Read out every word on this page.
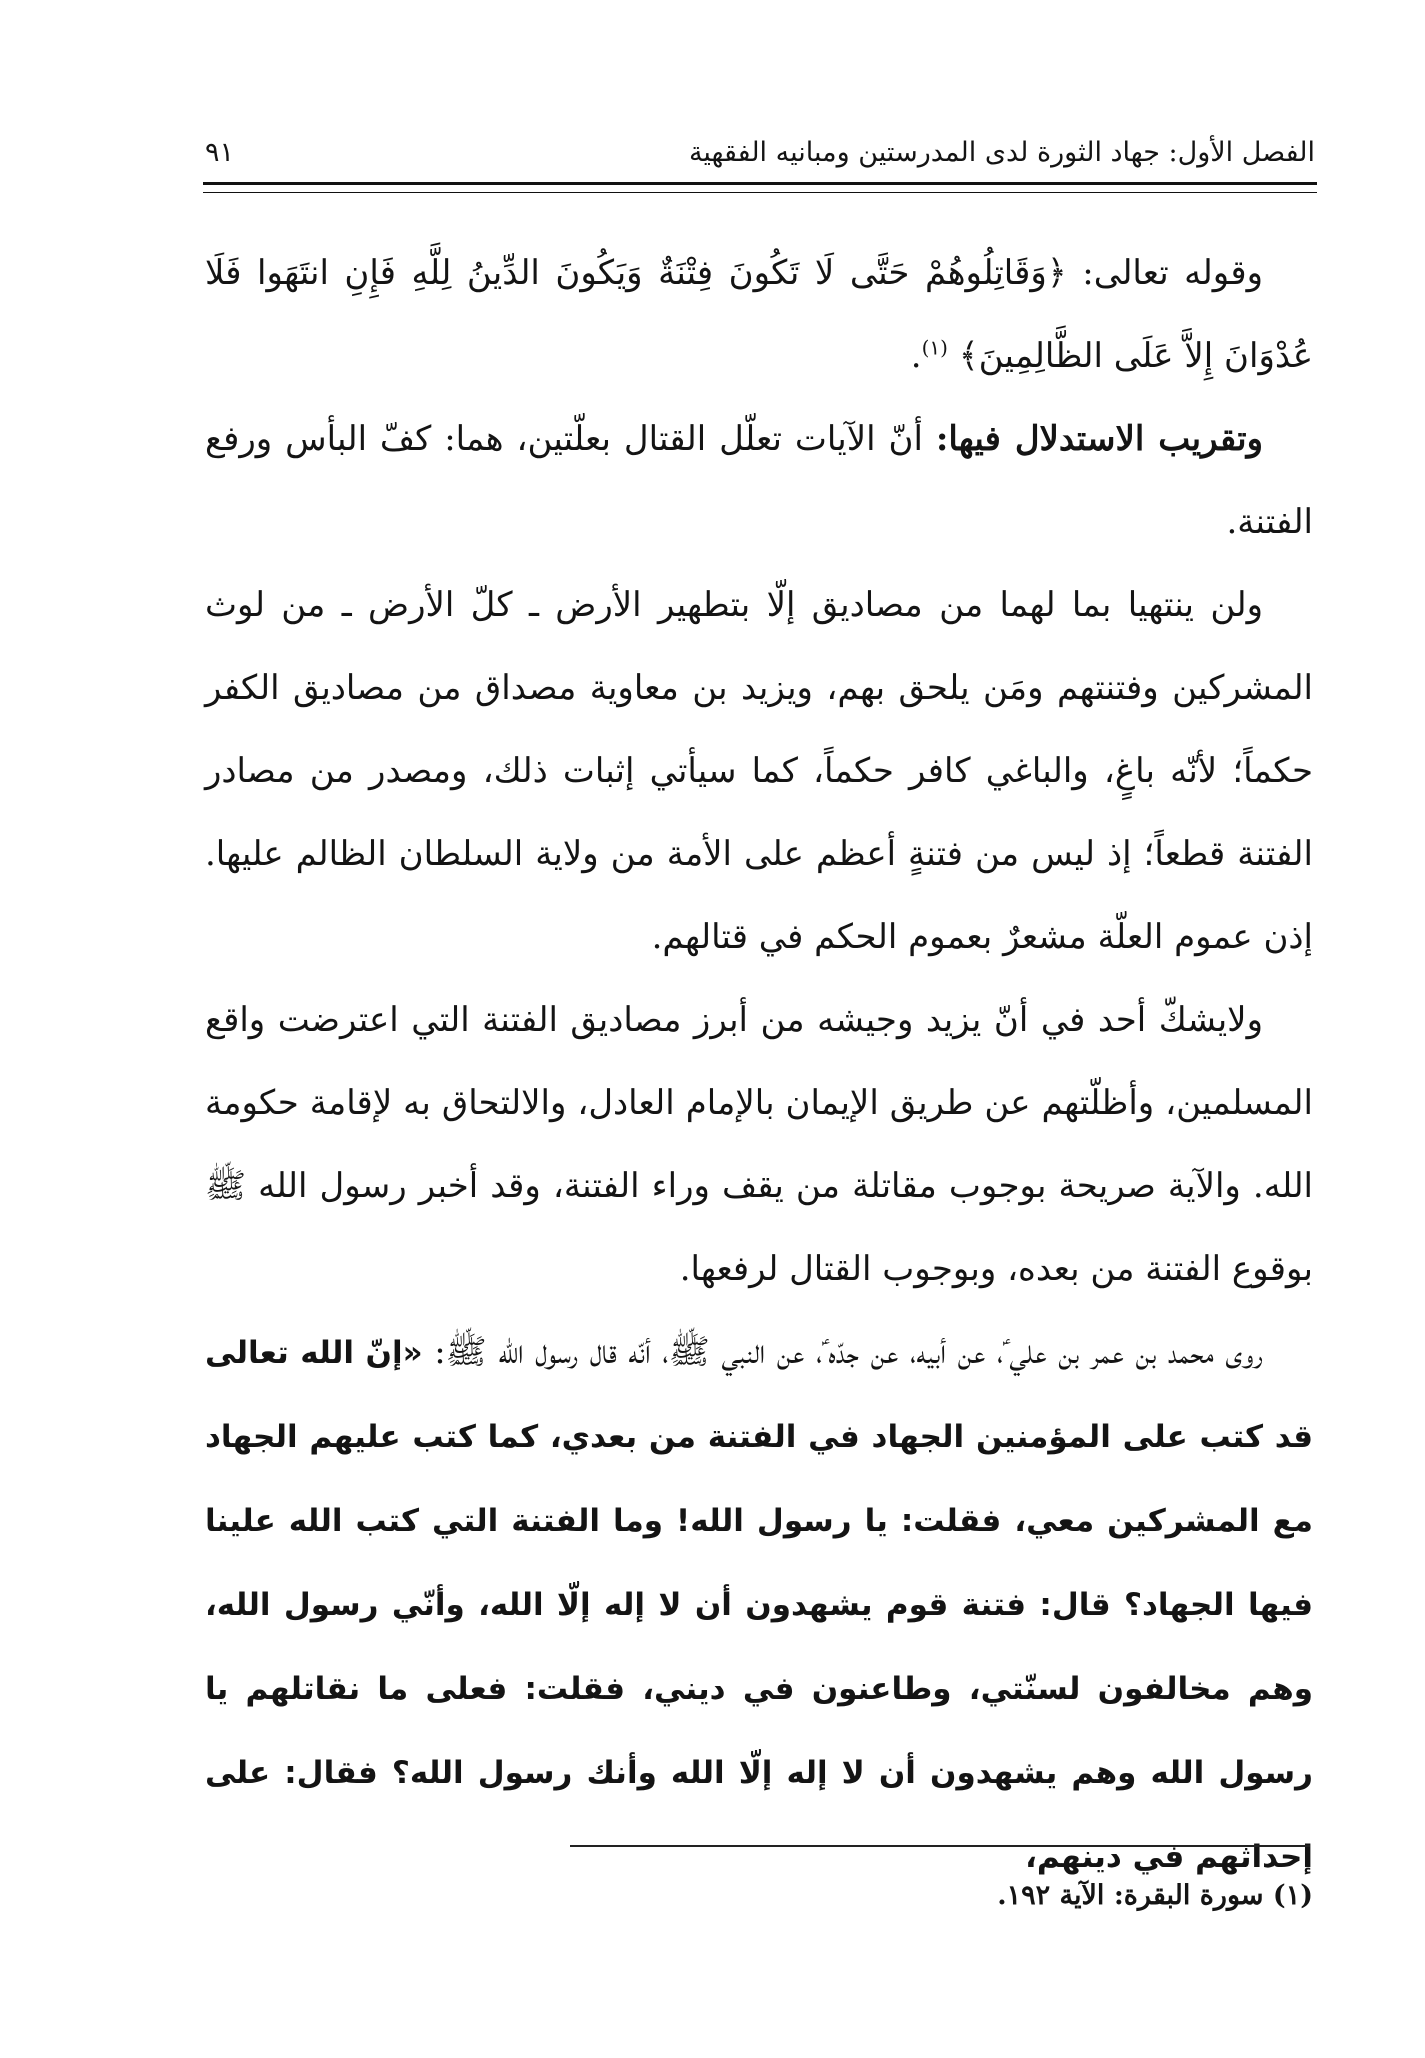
الفصل الأول: جهاد الثورة لدى المدرستين ومبانيه الفقهية
٩١

وقوله تعالى: ﴿وَقَاتِلُوهُمْ حَتَّى لَا تَكُونَ فِتْنَةٌ وَيَكُونَ الدِّينُ لِلَّهِ فَإِنِ انتَهَوا فَلَا عُدْوَانَ إِلاَّ عَلَى الظَّالِمِينَ﴾ $^{(١)}$.

وتقريب الاستدلال فيها: أنّ الآيات تعلّل القتال بعلّتين، هما: كفّ البأس ورفع الفتنة.

ولن ينتهيا بما لهما من مصاديق إلّا بتطهير الأرض ـ كلّ الأرض ـ من لوث المشركين وفتنتهم ومَن يلحق بهم، ويزيد بن معاوية مصداق من مصاديق الكفر حكماً؛ لأنّه باغٍ، والباغي كافر حكماً، كما سيأتي إثبات ذلك، ومصدر من مصادر الفتنة قطعاً؛ إذ ليس من فتنةٍ أعظم على الأمة من ولاية السلطان الظالم عليها. إذن عموم العلّة مشعرٌ بعموم الحكم في قتالهم.

ولايشكّ أحد في أنّ يزيد وجيشه من أبرز مصاديق الفتنة التي اعترضت واقع المسلمين، وأظلّتهم عن طريق الإيمان بالإمام العادل، والالتحاق به لإقامة حكومة الله. والآية صريحة بوجوب مقاتلة من يقف وراء الفتنة، وقد أخبر رسول الله ﷺ بوقوع الفتنة من بعده، وبوجوب القتال لرفعها.

روى محمد بن عمر بن علي ؑ، عن أبيه، عن جدّه ؑ، عن النبي ﷺ، أنّه قال رسول الله ﷺ: «إنّ الله تعالى قد كتب على المؤمنين الجهاد في الفتنة من بعدي، كما كتب عليهم الجهاد مع المشركين معي، فقلت: يا رسول الله! وما الفتنة التي كتب الله علينا فيها الجهاد؟ قال: فتنة قوم يشهدون أن لا إله إلّا الله، وأنّي رسول الله، وهم مخالفون لسنّتي، وطاعنون في ديني، فقلت: فعلى ما نقاتلهم يا رسول الله وهم يشهدون أن لا إله إلّا الله وأنك رسول الله؟ فقال: على إحداثهم في دينهم،

(١) سورة البقرة: الآية ١٩٢.
